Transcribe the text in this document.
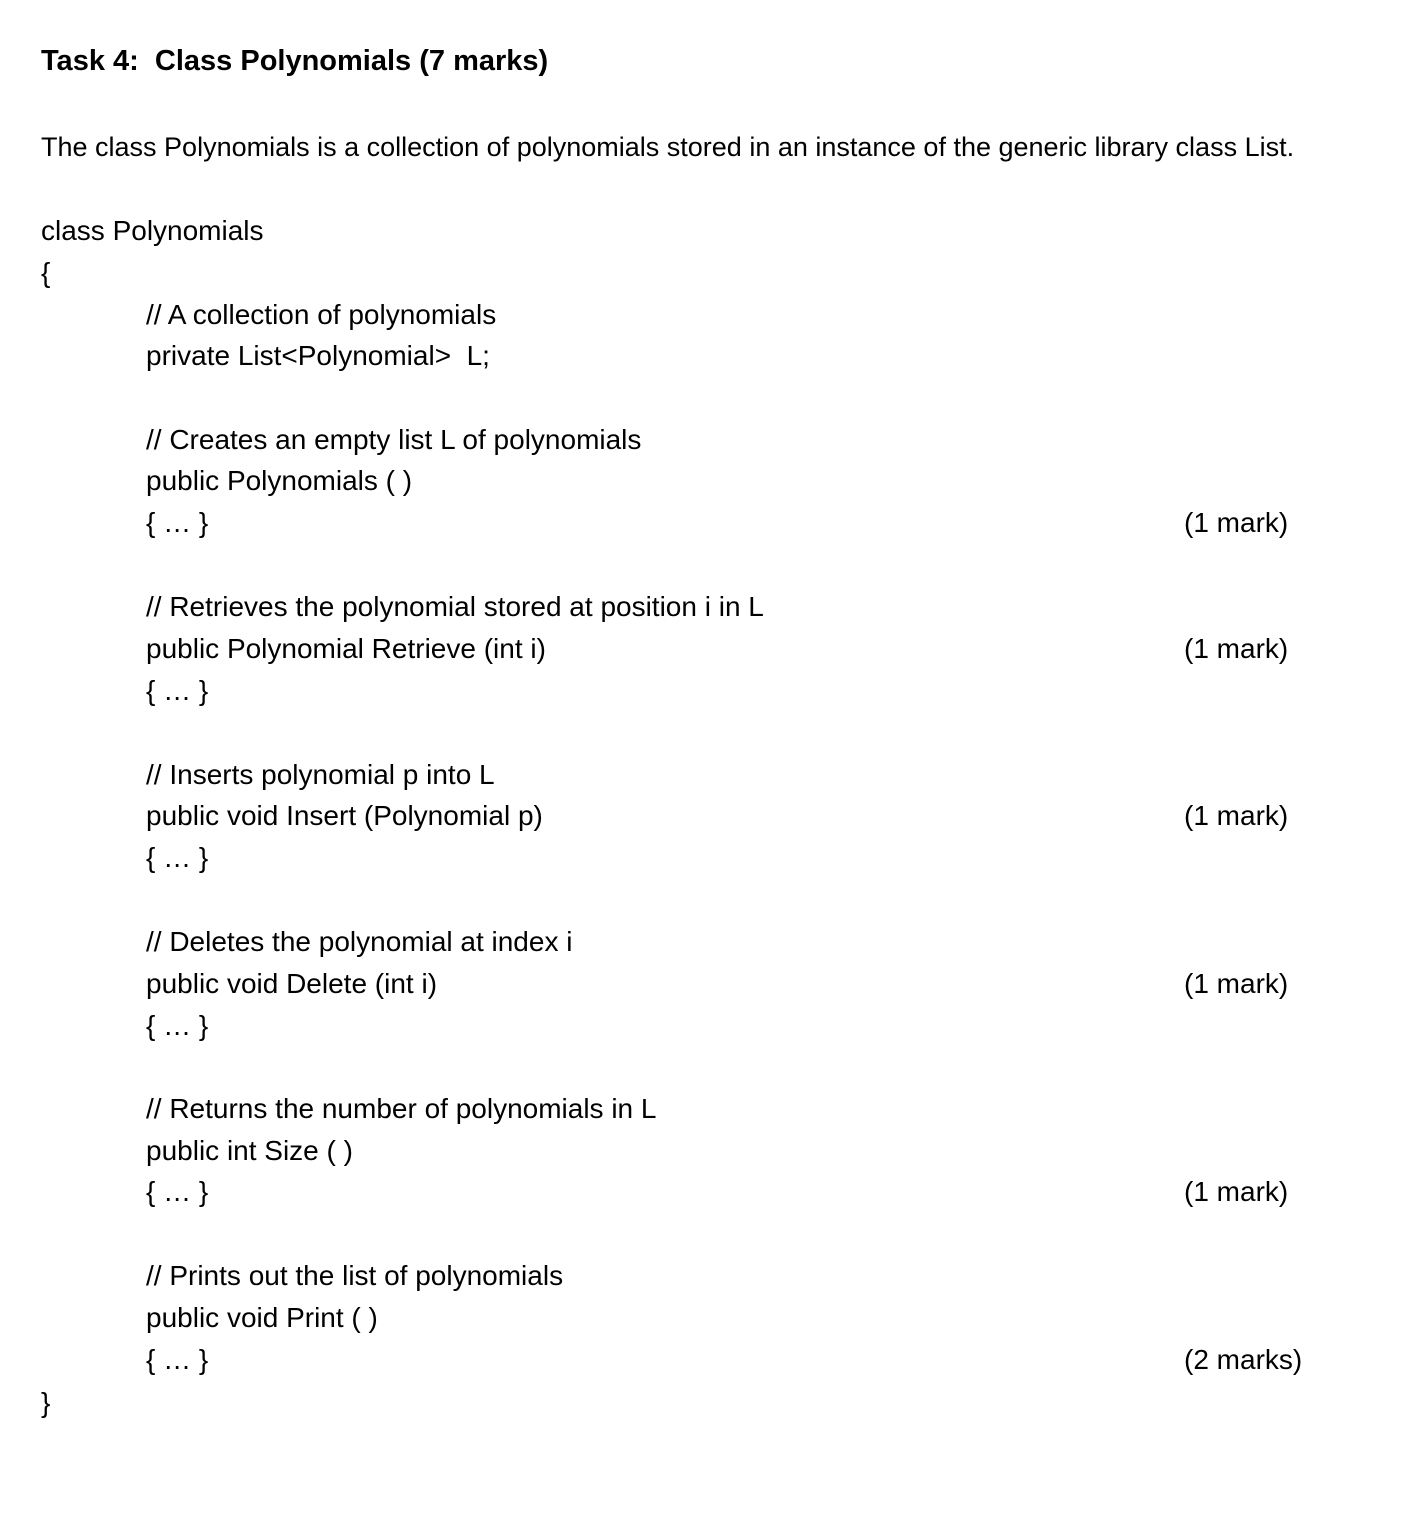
Task 4:  Class Polynomials (7 marks)
The class Polynomials is a collection of polynomials stored in an instance of the generic library class List.
class Polynomials
{
// A collection of polynomials
private List<Polynomial>  L;
// Creates an empty list L of polynomials
public Polynomials ( )
{ … }	(1 mark)
// Retrieves the polynomial stored at position i in L
public Polynomial Retrieve (int i)	(1 mark)
{ … }
// Inserts polynomial p into L
public void Insert (Polynomial p)	(1 mark)
{ … }
// Deletes the polynomial at index i
public void Delete (int i)	(1 mark)
{ … }
// Returns the number of polynomials in L
public int Size ( )
{ … }	(1 mark)
// Prints out the list of polynomials
public void Print ( )
{ … }	(2 marks)
}
